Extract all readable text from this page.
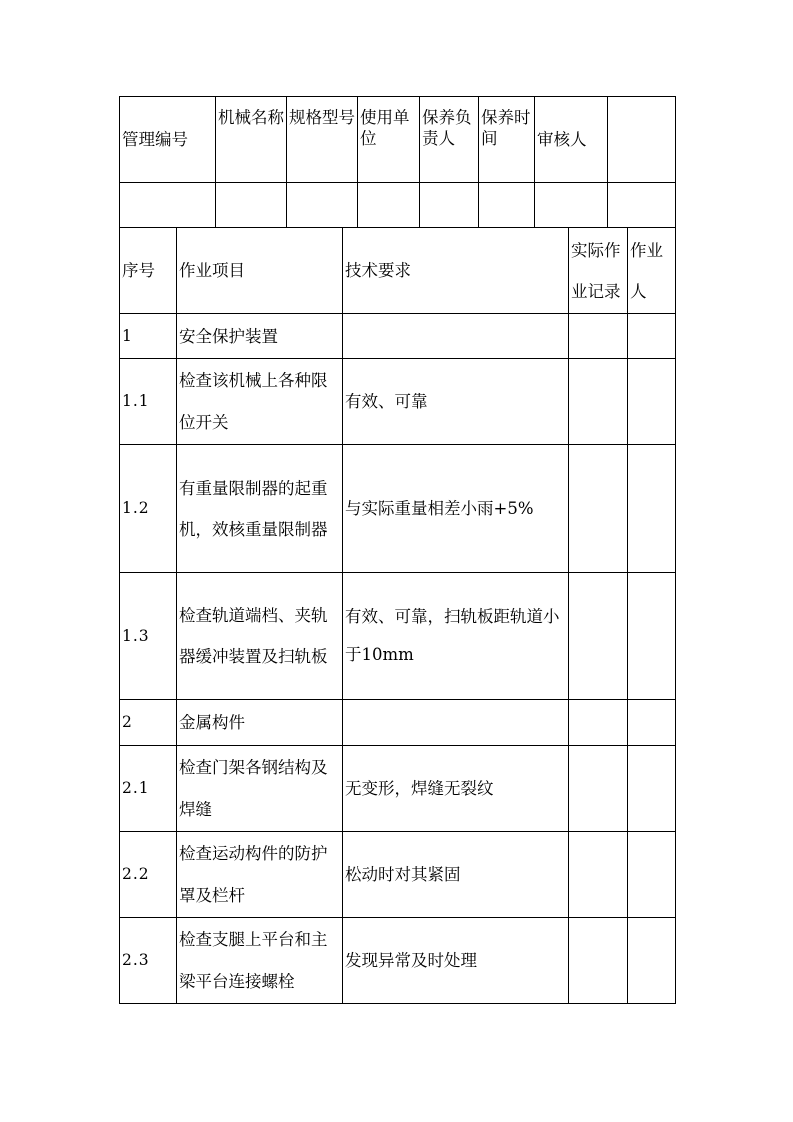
管理编号	机械名称	规格型号	使用单位	保养负责人	保养时间	审核人	

序号	作业项目	技术要求	实际作业记录	作业人
1	安全保护装置			
1.1	检查该机械上各种限位开关	有效、可靠		
1.2	有重量限制器的起重机，效核重量限制器	与实际重量相差小雨+5%		
1.3	检查轨道端档、夹轨器缓冲装置及扫轨板	有效、可靠，扫轨板距轨道小于10mm		
2	金属构件			
2.1	检查门架各钢结构及焊缝	无变形，焊缝无裂纹		
2.2	检查运动构件的防护罩及栏杆	松动时对其紧固		
2.3	检查支腿上平台和主梁平台连接螺栓	发现异常及时处理		
